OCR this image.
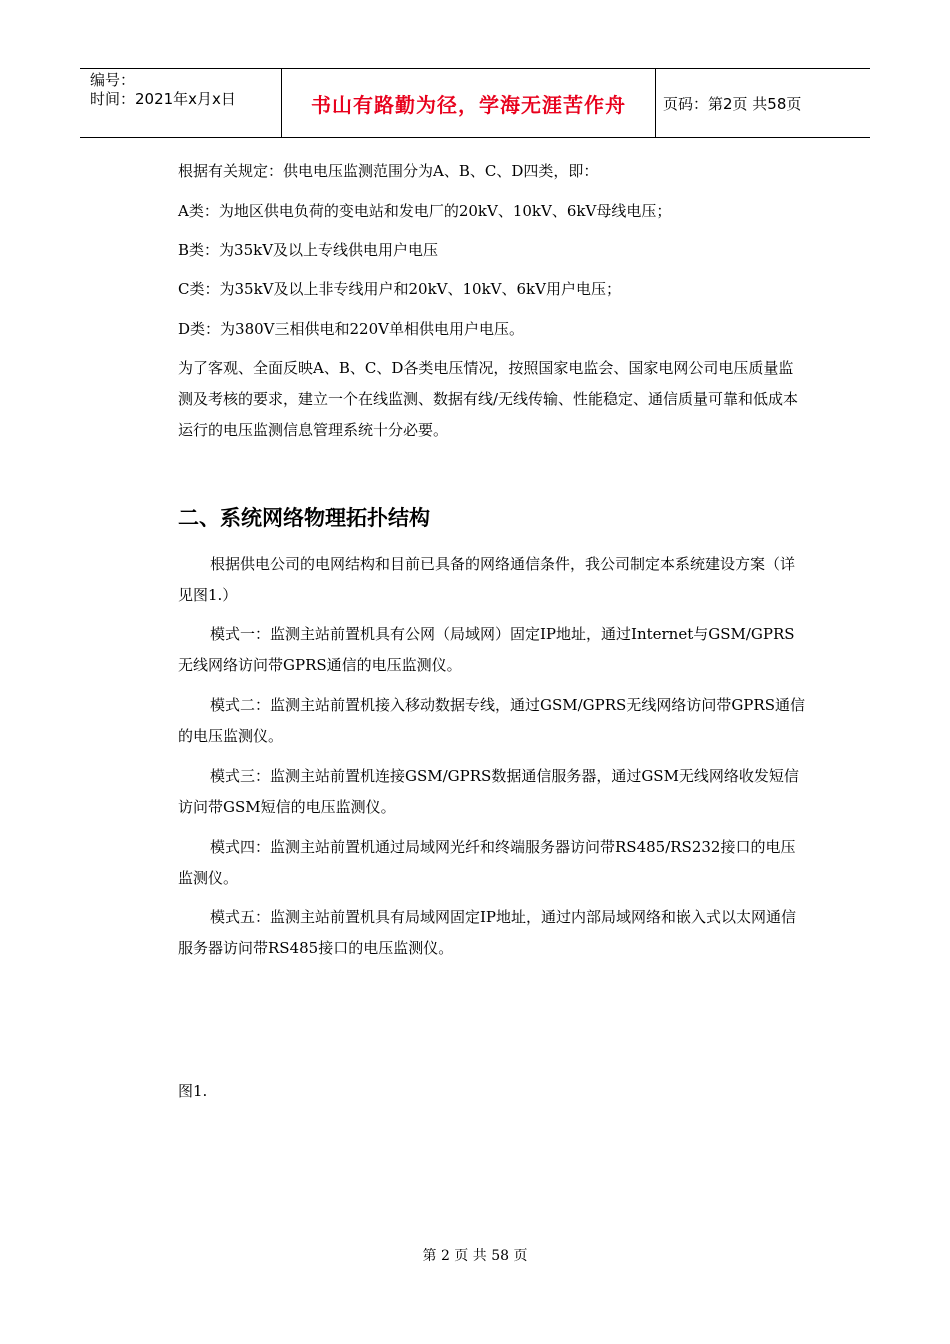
编号：
时间：2021年x月x日	书山有路勤为径，学海无涯苦作舟	页码：第2页 共58页

根据有关规定：供电电压监测范围分为A、B、C、D四类，即：

A类：为地区供电负荷的变电站和发电厂的20kV、10kV、6kV母线电压；

B类：为35kV及以上专线供电用户电压

C类：为35kV及以上非专线用户和20kV、10kV、6kV用户电压；

D类：为380V三相供电和220V单相供电用户电压。

为了客观、全面反映A、B、C、D各类电压情况，按照国家电监会、国家电网公司电压质量监测及考核的要求，建立一个在线监测、数据有线/无线传输、性能稳定、通信质量可靠和低成本运行的电压监测信息管理系统十分必要。

二、系统网络物理拓扑结构

根据供电公司的电网结构和目前已具备的网络通信条件，我公司制定本系统建设方案（详见图1.）

模式一：监测主站前置机具有公网（局域网）固定IP地址，通过Internet与GSM/GPRS无线网络访问带GPRS通信的电压监测仪。

模式二：监测主站前置机接入移动数据专线，通过GSM/GPRS无线网络访问带GPRS通信的电压监测仪。

模式三：监测主站前置机连接GSM/GPRS数据通信服务器，通过GSM无线网络收发短信访问带GSM短信的电压监测仪。

模式四：监测主站前置机通过局域网光纤和终端服务器访问带RS485/RS232接口的电压监测仪。

模式五：监测主站前置机具有局域网固定IP地址，通过内部局域网络和嵌入式以太网通信服务器访问带RS485接口的电压监测仪。

图1.

第 2 页 共 58 页
